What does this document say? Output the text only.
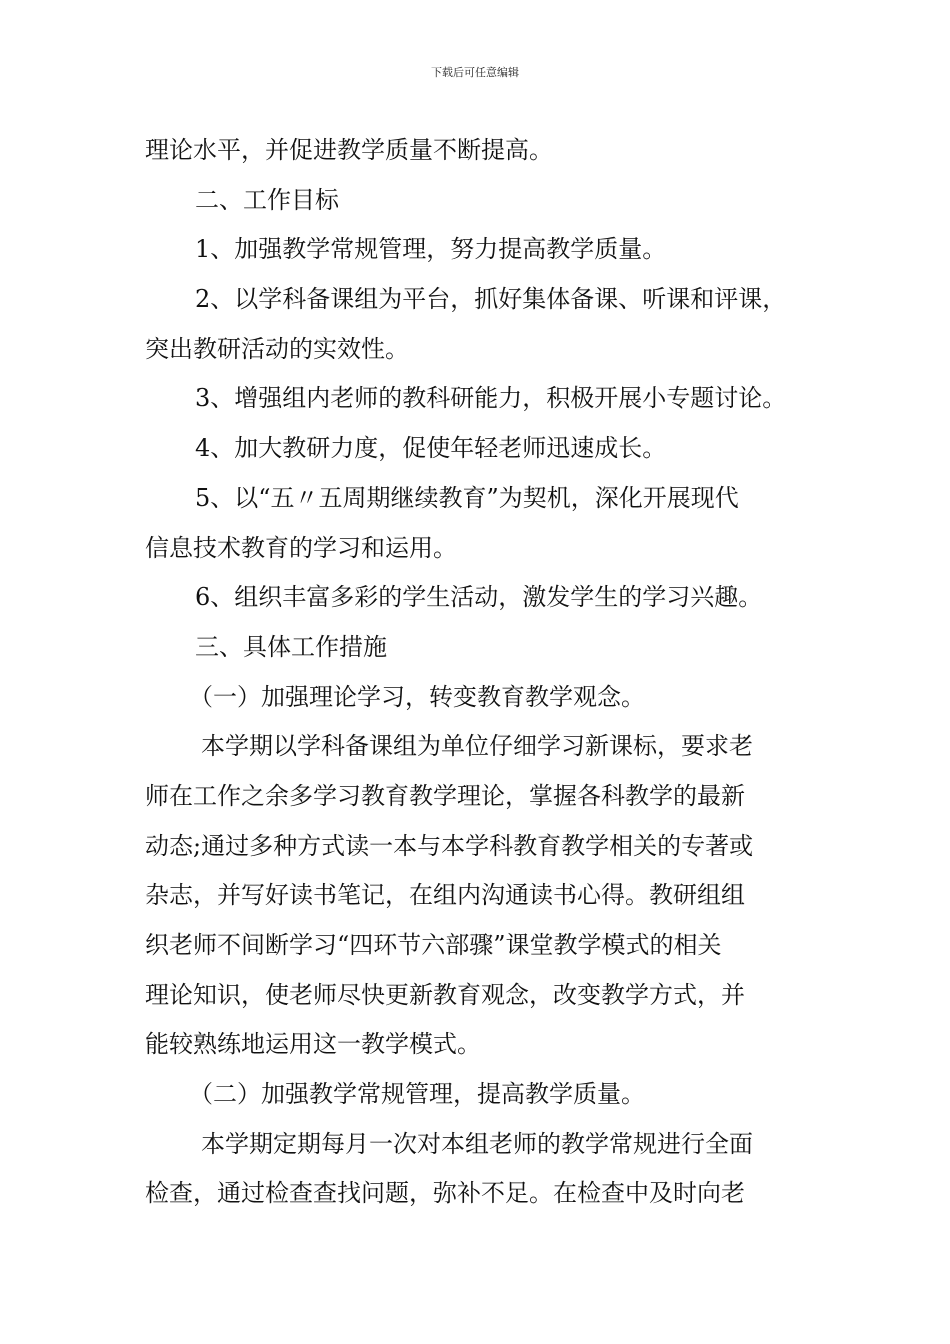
下载后可任意编辑
理论水平，并促进教学质量不断提高。
二、工作目标
1、加强教学常规管理，努力提高教学质量。
2、以学科备课组为平台，抓好集体备课、听课和评课，
突出教研活动的实效性。
3、增强组内老师的教科研能力，积极开展小专题讨论。
4、加大教研力度，促使年轻老师迅速成长。
5、以“五〃五周期继续教育”为契机，深化开展现代
信息技术教育的学习和运用。
6、组织丰富多彩的学生活动，激发学生的学习兴趣。
三、具体工作措施
（一）加强理论学习，转变教育教学观念。
本学期以学科备课组为单位仔细学习新课标，要求老
师在工作之余多学习教育教学理论，掌握各科教学的最新
动态;通过多种方式读一本与本学科教育教学相关的专著或
杂志，并写好读书笔记，在组内沟通读书心得。教研组组
织老师不间断学习“四环节六部骤”课堂教学模式的相关
理论知识，使老师尽快更新教育观念，改变教学方式，并
能较熟练地运用这一教学模式。
（二）加强教学常规管理，提高教学质量。
本学期定期每月一次对本组老师的教学常规进行全面
检查，通过检查查找问题，弥补不足。在检查中及时向老
